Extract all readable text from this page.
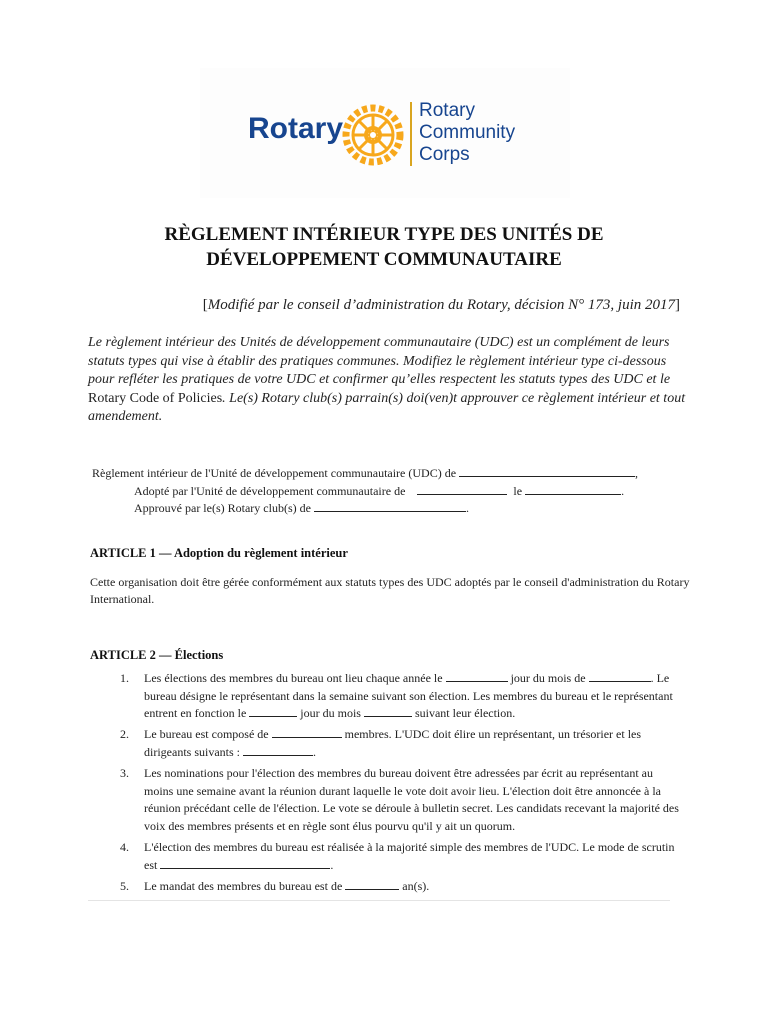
Rotary
Rotary
Community
Corps
RÈGLEMENT INTÉRIEUR TYPE DES UNITÉS DE
DÉVELOPPEMENT COMMUNAUTAIRE
[Modifié par le conseil d’administration du Rotary, décision N° 173, juin 2017]
Le règlement intérieur des Unités de développement communautaire (UDC) est un complément de leurs statuts types qui vise à établir des pratiques communes. Modifiez le règlement intérieur type ci-dessous pour refléter les pratiques de votre UDC et confirmer qu’elles respectent les statuts types des UDC et le Rotary Code of Policies. Le(s) Rotary club(s) parrain(s) doi(ven)t approuver ce règlement intérieur et tout amendement.
Règlement intérieur de l'Unité de développement communautaire (UDC) de	,
Adopté par l'Unité de développement communautaire de	le	.
Approuvé par le(s) Rotary club(s) de	.
ARTICLE 1 — Adoption du règlement intérieur
Cette organisation doit être gérée conformément aux statuts types des UDC adoptés par le conseil d'administration du Rotary International.
ARTICLE 2 — Élections
1. Les élections des membres du bureau ont lieu chaque année le	jour du mois de	. Le bureau désigne le représentant dans la semaine suivant son élection. Les membres du bureau et le représentant entrent en fonction le	jour du mois	suivant leur élection.
2. Le bureau est composé de	membres. L'UDC doit élire un représentant, un trésorier et les dirigeants suivants :	.
3. Les nominations pour l'élection des membres du bureau doivent être adressées par écrit au représentant au moins une semaine avant la réunion durant laquelle le vote doit avoir lieu. L'élection doit être annoncée à la réunion précédant celle de l'élection. Le vote se déroule à bulletin secret. Les candidats recevant la majorité des voix des membres présents et en règle sont élus pourvu qu'il y ait un quorum.
4. L'élection des membres du bureau est réalisée à la majorité simple des membres de l'UDC. Le mode de scrutin est	.
5. Le mandat des membres du bureau est de	an(s).
